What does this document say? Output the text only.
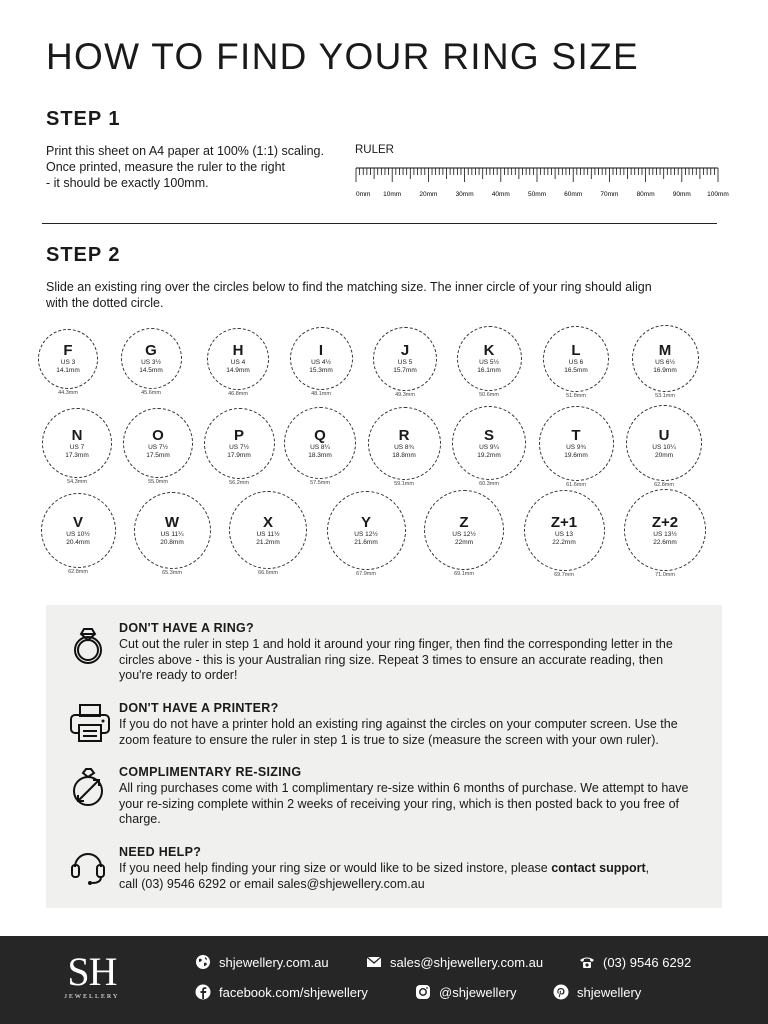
HOW TO FIND YOUR RING SIZE
STEP 1
Print this sheet on A4 paper at 100% (1:1) scaling.
Once printed, measure the ruler to the right
- it should be exactly 100mm.
RULER
0mm 10mm	20mm	30mm	40mm	50mm	60mm	70mm	80mm	90mm	100mm
STEP 2
Slide an existing ring over the circles below to find the matching size. The inner circle of your ring should align with the dotted circle.
F
US 3
14.1mm
44.3mm
G
US 3½
14.5mm
45.6mm
H
US 4
14.9mm
46.8mm
I
US 4½
15.3mm
48.1mm
J
US 5
15.7mm
49.3mm
K
US 5½
16.1mm
50.6mm
L
US 6
16.5mm
51.8mm
M
US 6½
16.9mm
53.1mm
N
US 7
17.3mm
54.3mm
O
US 7½
17.5mm
55.0mm
P
US 7½
17.9mm
56.2mm
Q
US 8¼
18.3mm
57.5mm
R
US 8¾
18.8mm
59.1mm
S
US 9¼
19.2mm
60.3mm
T
US 9¾
19.6mm
61.6mm
U
US 10¼
20mm
62.8mm
V
US 10½
20.4mm
62.8mm
W
US 11¼
20.8mm
65.3mm
X
US 11½
21.2mm
66.6mm
Y
US 12½
21.6mm
67.9mm
Z
US 12½
22mm
69.1mm
Z+1
US 13
22.2mm
69.7mm
Z+2
US 13½
22.6mm
71.0mm
DON'T HAVE A RING?
Cut out the ruler in step 1 and hold it around your ring finger, then find the corresponding letter in the circles above - this is your Australian ring size. Repeat 3 times to ensure an accurate reading, then you're ready to order!
DON'T HAVE A PRINTER?
If you do not have a printer hold an existing ring against the circles on your computer screen. Use the zoom feature to ensure the ruler in step 1 is true to size (measure the screen with your own ruler).
COMPLIMENTARY RE-SIZING
All ring purchases come with 1 complimentary re-size within 6 months of purchase. We attempt to have your re-sizing complete within 2 weeks of receiving your ring, which is then posted back to you free of charge.
NEED HELP?
If you need help finding your ring size or would like to be sized instore, please contact support,
call (03) 9546 6292 or email sales@shjewellery.com.au
SH
JEWELLERY
shjewellery.com.au	sales@shjewellery.com.au	(03) 9546 6292
facebook.com/shjewellery	@shjewellery	shjewellery
